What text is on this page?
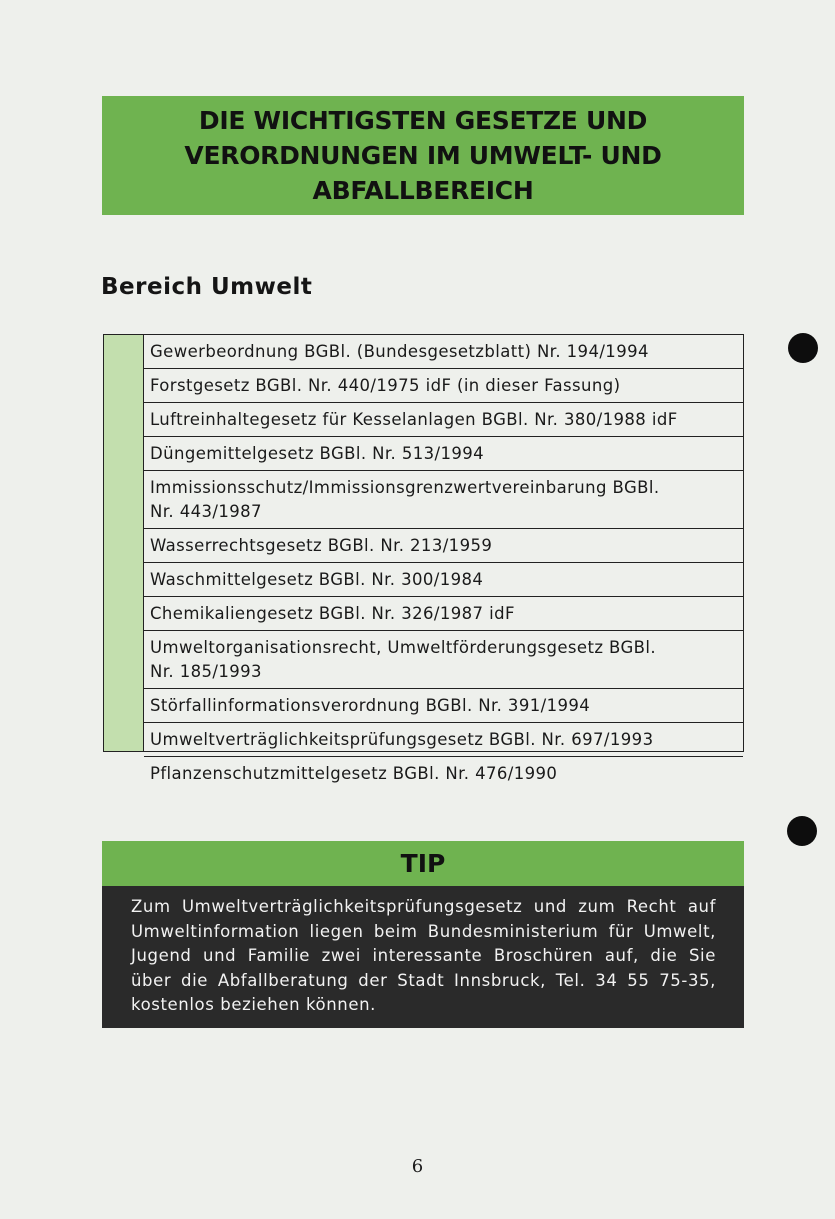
DIE WICHTIGSTEN GESETZE UND
VERORDNUNGEN IM UMWELT- UND
ABFALLBEREICH
Bereich Umwelt
Gewerbeordnung BGBl. (Bundesgesetzblatt) Nr. 194/1994
Forstgesetz BGBl. Nr. 440/1975 idF (in dieser Fassung)
Luftreinhaltegesetz für Kesselanlagen BGBl. Nr. 380/1988 idF
Düngemittelgesetz BGBl. Nr. 513/1994
Immissionsschutz/Immissionsgrenzwertvereinbarung BGBl.
Nr. 443/1987
Wasserrechtsgesetz BGBl. Nr. 213/1959
Waschmittelgesetz BGBl. Nr. 300/1984
Chemikaliengesetz BGBl. Nr. 326/1987 idF
Umweltorganisationsrecht, Umweltförderungsgesetz BGBl.
Nr. 185/1993
Störfallinformationsverordnung BGBl. Nr. 391/1994
Umweltverträglichkeitsprüfungsgesetz BGBl. Nr. 697/1993
Pflanzenschutzmittelgesetz BGBl. Nr. 476/1990
TIP
Zum Umweltverträglichkeitsprüfungsgesetz und zum Recht auf Umweltinformation liegen beim Bundesministerium für Umwelt, Jugend und Familie zwei interessante Broschüren auf, die Sie über die Abfallberatung der Stadt Innsbruck, Tel. 34 55 75-35, kostenlos beziehen können.
6
